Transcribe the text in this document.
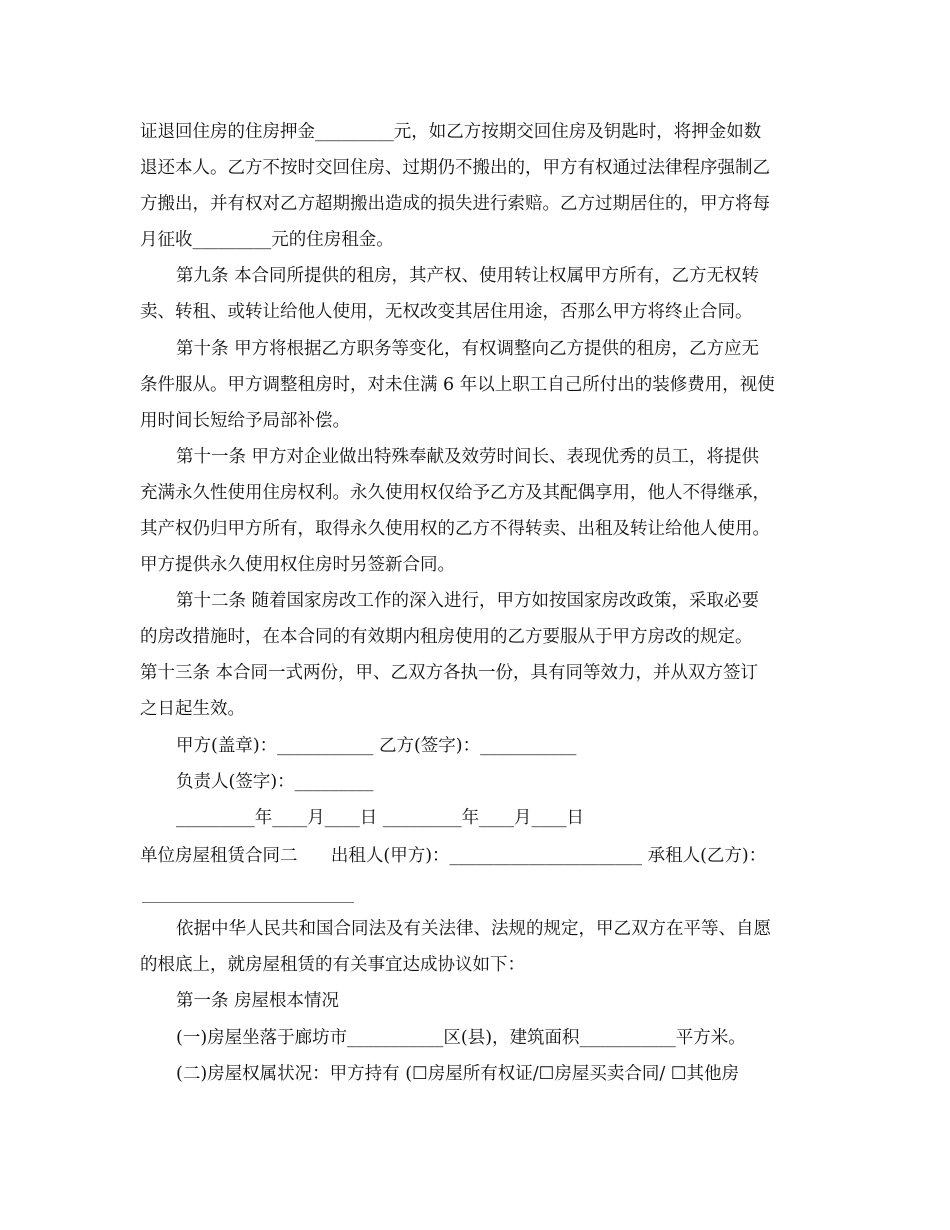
证退回住房的住房押金_________元，如乙方按期交回住房及钥匙时，将押金如数
退还本人。乙方不按时交回住房、过期仍不搬出的，甲方有权通过法律程序强制乙
方搬出，并有权对乙方超期搬出造成的损失进行索赔。乙方过期居住的，甲方将每
月征收_________元的住房租金。
第九条 本合同所提供的租房，其产权、使用转让权属甲方所有，乙方无权转
卖、转租、或转让给他人使用，无权改变其居住用途，否那么甲方将终止合同。
第十条 甲方将根据乙方职务等变化，有权调整向乙方提供的租房，乙方应无
条件服从。甲方调整租房时，对未住满 6 年以上职工自己所付出的装修费用，视使
用时间长短给予局部补偿。
第十一条 甲方对企业做出特殊奉献及效劳时间长、表现优秀的员工，将提供
充满永久性使用住房权利。永久使用权仅给予乙方及其配偶享用，他人不得继承，
其产权仍归甲方所有，取得永久使用权的乙方不得转卖、出租及转让给他人使用。
甲方提供永久使用权住房时另签新合同。
第十二条 随着国家房改工作的深入进行，甲方如按国家房改政策，采取必要
的房改措施时，在本合同的有效期内租房使用的乙方要服从于甲方房改的规定。
第十三条 本合同一式两份，甲、乙双方各执一份，具有同等效力，并从双方签订
之日起生效。
甲方(盖章)：___________ 乙方(签字)：___________
负责人(签字)：_________
_________年____月____日 _________年____月____日
单位房屋租赁合同二      出租人(甲方)：______________________ 承租人(乙方)：
依据中华人民共和国合同法及有关法律、法规的规定，甲乙双方在平等、自愿
的根底上，就房屋租赁的有关事宜达成协议如下：
第一条 房屋根本情况
(一)房屋坐落于廊坊市___________区(县)，建筑面积___________平方米。
(二)房屋权属状况：甲方持有 (☐房屋所有权证/☐房屋买卖合同/ ☐其他房
